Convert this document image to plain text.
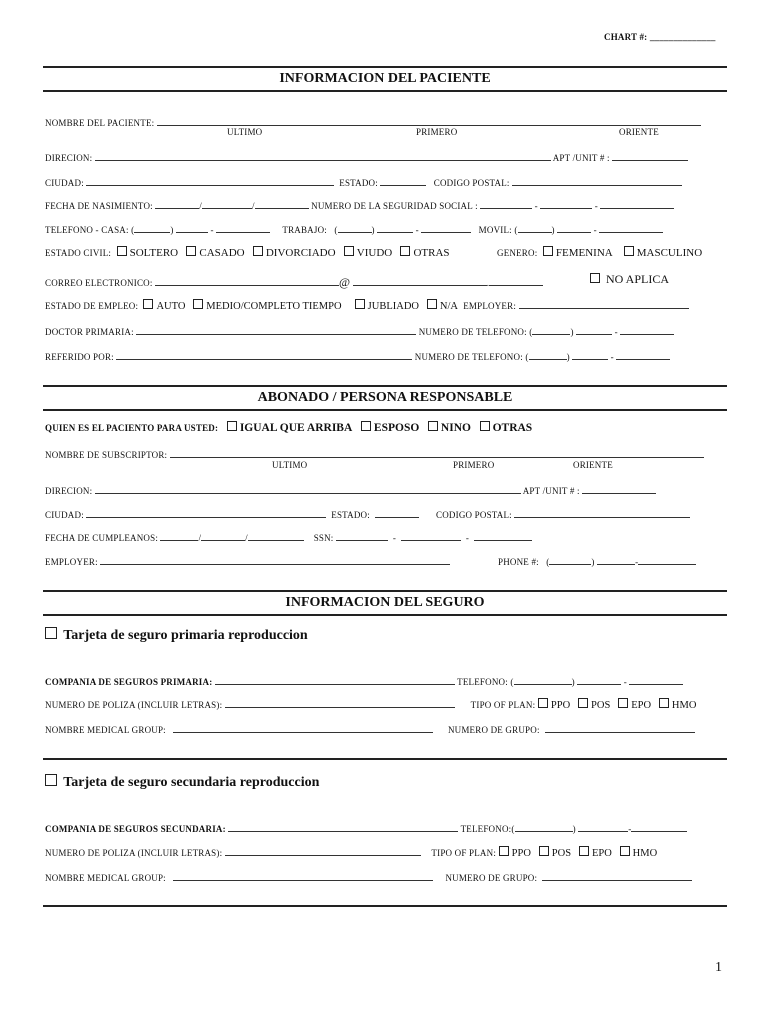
CHART #: ______________
INFORMACION DEL PACIENTE
NOMBRE DEL PACIENTE:
ULTIMO	PRIMERO	ORIENTE
DIRECION:	APT /UNIT # :
CIUDAD:	ESTADO:	CODIGO POSTAL:
FECHA DE NASIMIENTO:	/	/	NUMERO DE LA SEGURIDAD SOCIAL :	-	-
TELEFONO - CASA: (	)	-	TRABAJO:   (	)	-	MOVIL: (	)	-
ESTADO CIVIL: SOLTERO CASADO DIVORCIADO VIUDO OTRAS	GENERO: FEMENINA MASCULINO
CORREO ELECTRONICO:	@	.	NO APLICA
ESTADO DE EMPLEO: AUTO MEDIO/COMPLETO TIEMPO JUBLIADO N/A EMPLOYER:
DOCTOR PRIMARIA:	NUMERO DE TELEFONO: (	)	-
REFERIDO POR:	NUMERO DE TELEFONO: (	)	-
ABONADO / PERSONA RESPONSABLE
QUIEN ES EL PACIENTO PARA USTED: IGUAL QUE ARRIBA ESPOSO NINO OTRAS
NOMBRE DE SUBSCRIPTOR:
ULTIMO	PRIMERO	ORIENTE
DIRECION:	APT /UNIT # :
CIUDAD:	ESTADO:	CODIGO POSTAL:
FECHA DE CUMPLEANOS:	/	/	SSN:	-	-
EMPLOYER:	PHONE #:   (	)	-
INFORMACION DEL SEGURO
Tarjeta de seguro primaria reproduccion
COMPANIA DE SEGUROS PRIMARIA:	TELEFONO: (	)	-
NUMERO DE POLIZA (INCLUIR LETRAS):	TIPO OF PLAN: PPO POS EPO HMO
NOMBRE MEDICAL GROUP:	NUMERO DE GRUPO:
Tarjeta de seguro secundaria reproduccion
COMPANIA DE SEGUROS SECUNDARIA:	TELEFONO:(	)	-
NUMERO DE POLIZA (INCLUIR LETRAS):	TIPO OF PLAN: PPO POS EPO HMO
NOMBRE MEDICAL GROUP:	NUMERO DE GRUPO:
1
